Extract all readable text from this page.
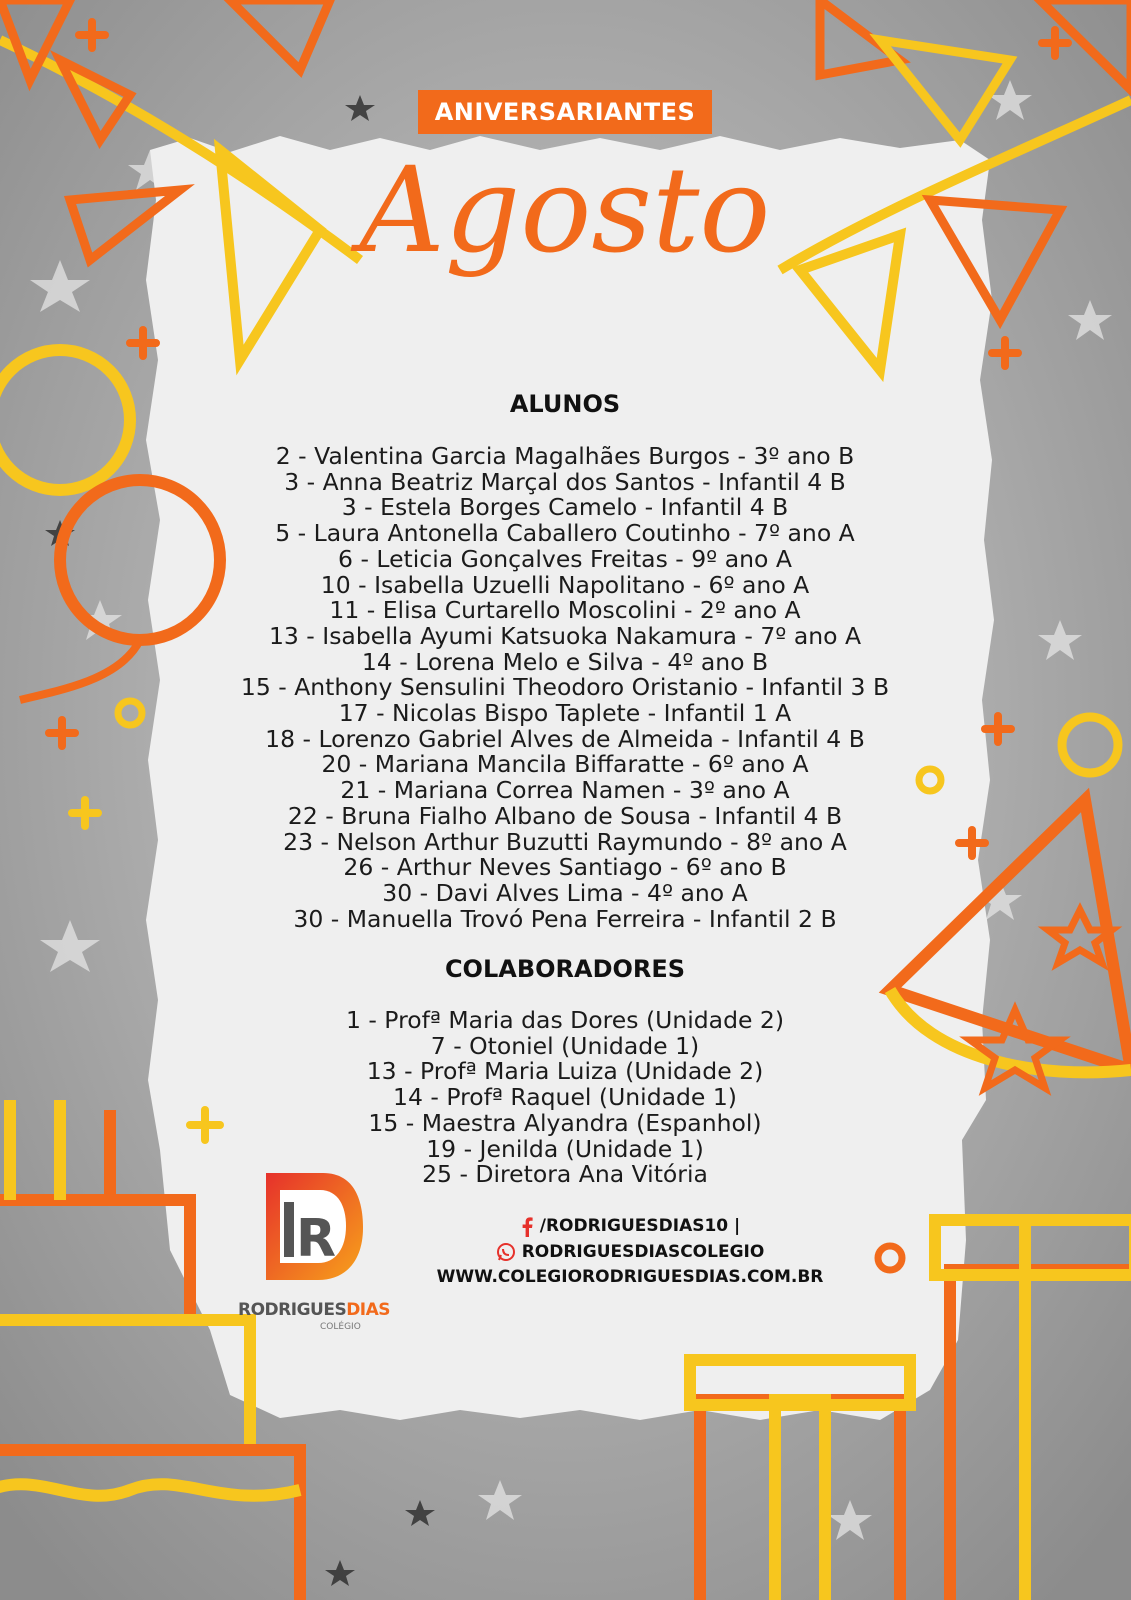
ANIVERSARIANTES
Agosto
ALUNOS
2 - Valentina Garcia Magalhães Burgos - 3º ano B
3 - Anna Beatriz Marçal dos Santos - Infantil 4 B
3 - Estela Borges Camelo - Infantil 4 B
5 - Laura Antonella Caballero Coutinho - 7º ano A
6 - Leticia Gonçalves Freitas - 9º ano A
10 - Isabella Uzuelli Napolitano - 6º ano A
11 - Elisa Curtarello Moscolini - 2º ano A
13 - Isabella Ayumi Katsuoka Nakamura - 7º ano A
14 - Lorena Melo e Silva - 4º ano B
15 - Anthony Sensulini Theodoro Oristanio - Infantil 3 B
17 - Nicolas Bispo Taplete - Infantil 1 A
18 - Lorenzo Gabriel Alves de Almeida - Infantil 4 B
20 - Mariana Mancila Biffaratte - 6º ano A
21 - Mariana Correa Namen - 3º ano A
22 - Bruna Fialho Albano de Sousa - Infantil 4 B
23 - Nelson Arthur Buzutti Raymundo - 8º ano A
26 - Arthur Neves Santiago - 6º ano B
30 - Davi Alves Lima - 4º ano A
30 - Manuella Trovó Pena Ferreira - Infantil 2 B
COLABORADORES
1 - Profª Maria das Dores (Unidade 2)
7 - Otoniel (Unidade 1)
13 - Profª Maria Luiza (Unidade 2)
14 - Profª Raquel (Unidade 1)
15 - Maestra Alyandra (Espanhol)
19 - Jenilda (Unidade 1)
25 - Diretora Ana Vitória
R
RODRIGUESDIAS
COLÉGIO
/RODRIGUESDIAS10 |
RODRIGUESDIASCOLEGIO
WWW.COLEGIORODRIGUESDIAS.COM.BR
